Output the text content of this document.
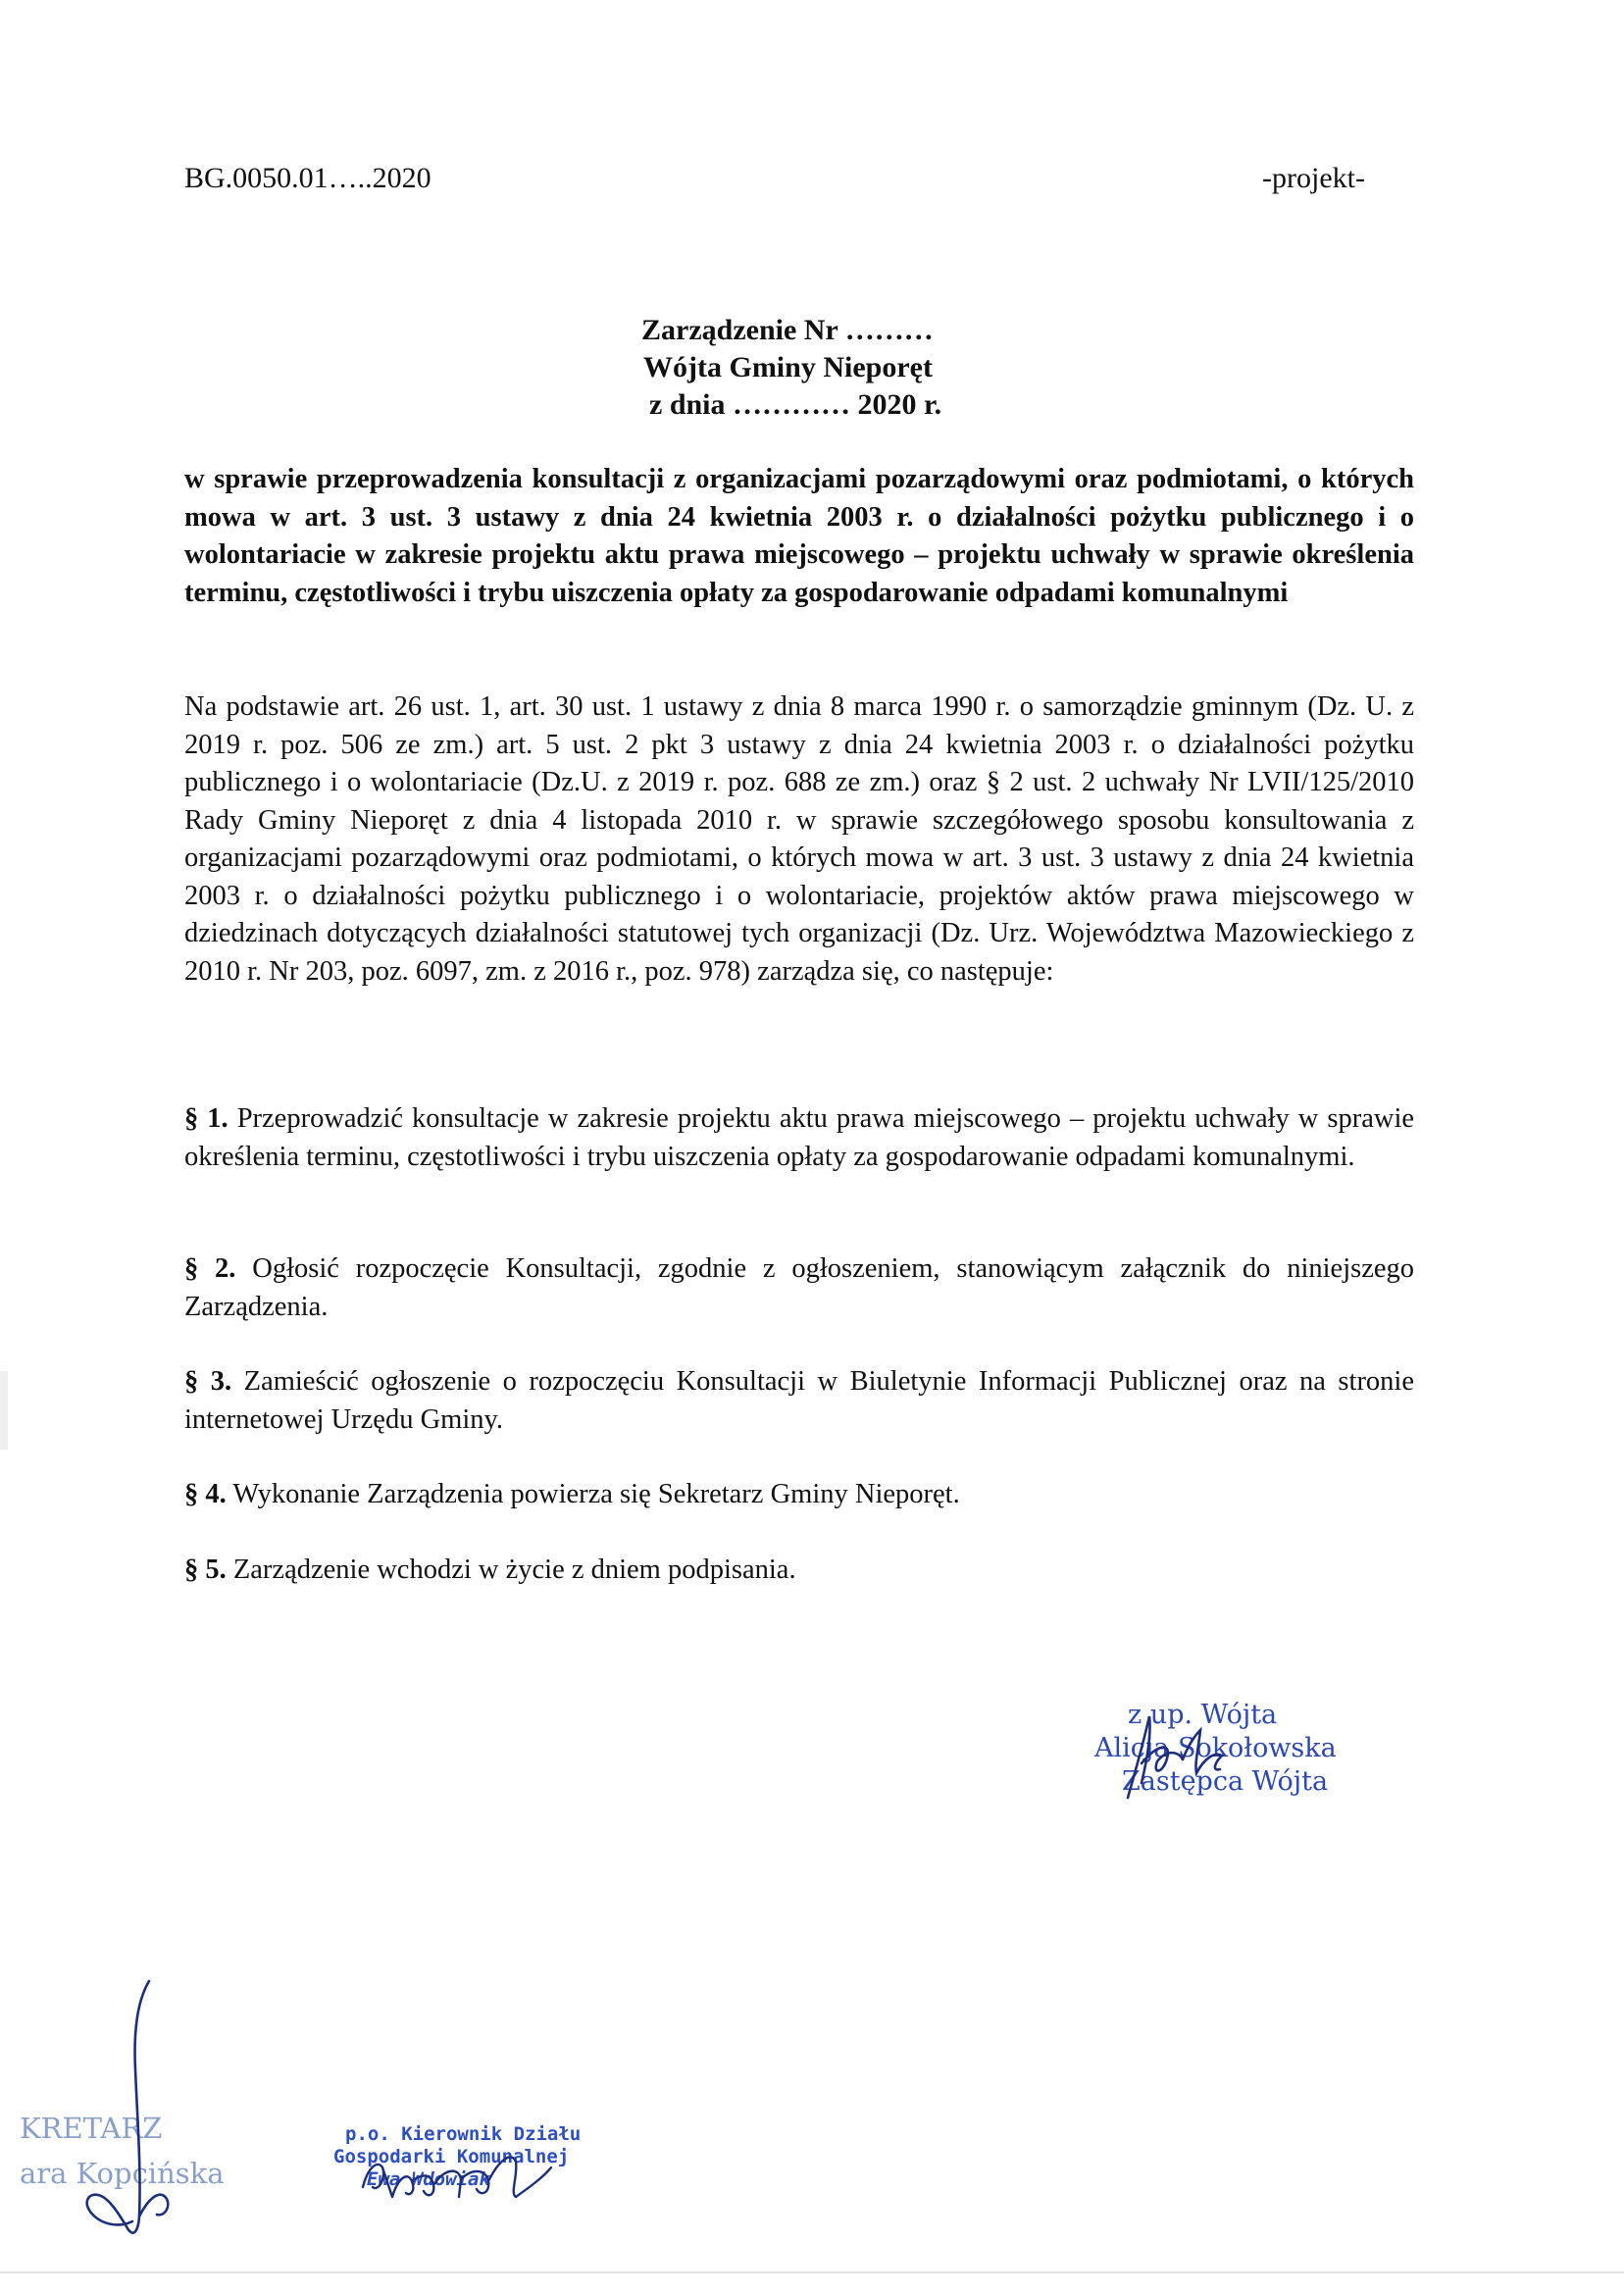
BG.0050.01…..2020	-projekt-
Zarządzenie Nr ………
Wójta Gminy Nieporęt
z dnia ………… 2020 r.
w sprawie przeprowadzenia konsultacji z organizacjami pozarządowymi oraz podmiotami, o których mowa w art. 3 ust. 3 ustawy z dnia 24 kwietnia 2003 r. o działalności pożytku publicznego i o wolontariacie w zakresie projektu aktu prawa miejscowego – projektu uchwały w sprawie określenia terminu, częstotliwości i trybu uiszczenia opłaty za gospodarowanie odpadami komunalnymi
Na podstawie art. 26 ust. 1, art. 30 ust. 1 ustawy z dnia 8 marca 1990 r. o samorządzie gminnym (Dz. U. z 2019 r. poz. 506 ze zm.) art. 5 ust. 2 pkt 3 ustawy z dnia 24 kwietnia 2003 r. o działalności pożytku publicznego i o wolontariacie (Dz.U. z 2019 r. poz. 688 ze zm.) oraz § 2 ust. 2 uchwały Nr LVII/125/2010 Rady Gminy Nieporęt z dnia 4 listopada 2010 r. w sprawie szczegółowego sposobu konsultowania z organizacjami pozarządowymi oraz podmiotami, o których mowa w art. 3 ust. 3 ustawy z dnia 24 kwietnia 2003 r. o działalności pożytku publicznego i o wolontariacie, projektów aktów prawa miejscowego w dziedzinach dotyczących działalności statutowej tych organizacji (Dz. Urz. Województwa Mazowieckiego z 2010 r. Nr 203, poz. 6097, zm. z 2016 r., poz. 978) zarządza się, co następuje:
§ 1. Przeprowadzić konsultacje w zakresie projektu aktu prawa miejscowego – projektu uchwały w sprawie określenia terminu, częstotliwości i trybu uiszczenia opłaty za gospodarowanie odpadami komunalnymi.
§ 2. Ogłosić rozpoczęcie Konsultacji, zgodnie z ogłoszeniem, stanowiącym załącznik do niniejszego Zarządzenia.
§ 3. Zamieścić ogłoszenie o rozpoczęciu Konsultacji w Biuletynie Informacji Publicznej oraz na stronie internetowej Urzędu Gminy.
§ 4. Wykonanie Zarządzenia powierza się Sekretarz Gminy Nieporęt.
§ 5. Zarządzenie wchodzi w życie z dniem podpisania.
z up. Wójta
Alicja Sokołowska
Zastępca Wójta
KRETARZ
ara Kopcińska
p.o. Kierownik Działu
Gospodarki Komunalnej
Ewa Wdowiak
